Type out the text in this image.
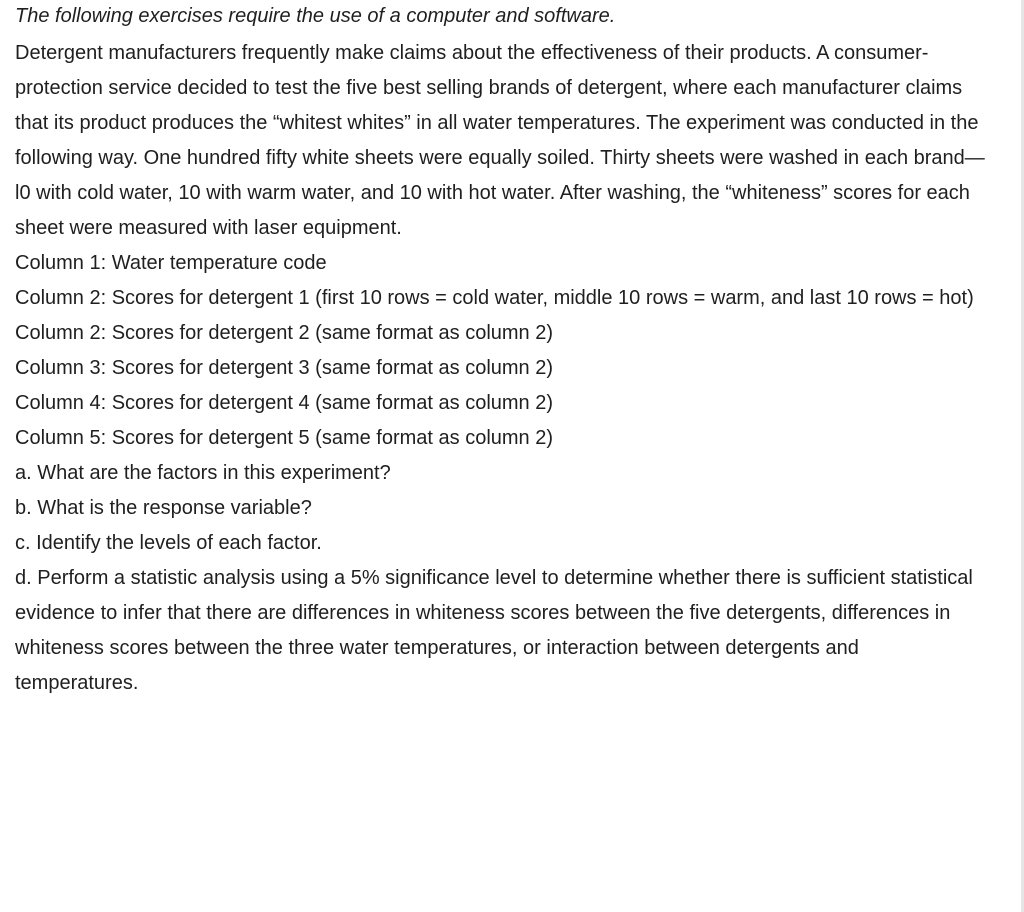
The following exercises require the use of a computer and software.

Detergent manufacturers frequently make claims about the effectiveness of their products. A consumer-protection service decided to test the five best selling brands of detergent, where each manufacturer claims that its product produces the “whitest whites” in all water temperatures. The experiment was conducted in the following way. One hundred fifty white sheets were equally soiled. Thirty sheets were washed in each brand—l0 with cold water, 10 with warm water, and 10 with hot water. After washing, the “whiteness” scores for each sheet were measured with laser equipment.

Column 1: Water temperature code

Column 2: Scores for detergent 1 (first 10 rows = cold water, middle 10 rows = warm, and last 10 rows = hot)

Column 2: Scores for detergent 2 (same format as column 2)

Column 3: Scores for detergent 3 (same format as column 2)

Column 4: Scores for detergent 4 (same format as column 2)

Column 5: Scores for detergent 5 (same format as column 2)

a. What are the factors in this experiment?

b. What is the response variable?

c. Identify the levels of each factor.

d. Perform a statistic analysis using a 5% significance level to determine whether there is sufficient statistical evidence to infer that there are differences in whiteness scores between the five detergents, differences in whiteness scores between the three water temperatures, or interaction between detergents and temperatures.
